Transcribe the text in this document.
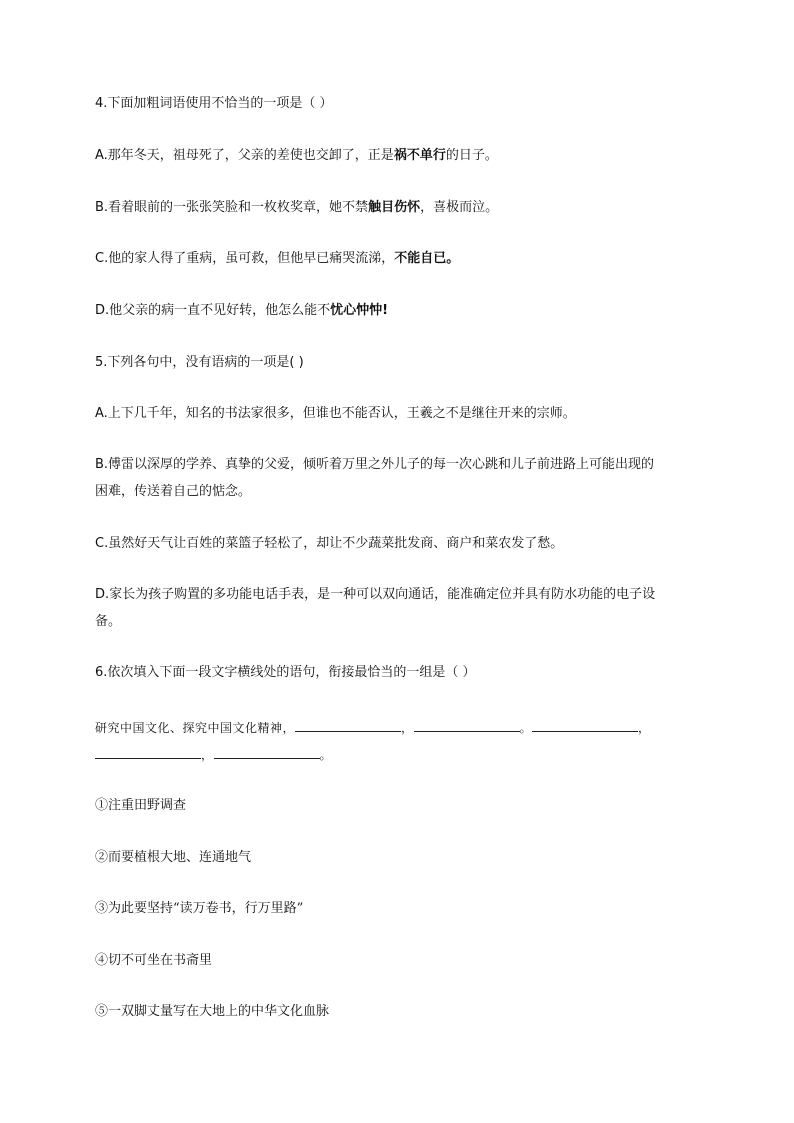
4.下面加粗词语使用不恰当的一项是（ ）

A.那年冬天，祖母死了，父亲的差使也交卸了，正是祸不单行的日子。

B.看着眼前的一张张笑脸和一枚枚奖章，她不禁触目伤怀，喜极而泣。

C.他的家人得了重病，虽可救，但他早已痛哭流涕，不能自已。

D.他父亲的病一直不见好转，他怎么能不忧心忡忡!

5.下列各句中，没有语病的一项是( )

A.上下几千年，知名的书法家很多，但谁也不能否认，王羲之不是继往开来的宗师。

B.傅雷以深厚的学养、真挚的父爱，倾听着万里之外儿子的每一次心跳和儿子前进路上可能出现的

困难，传送着自己的惦念。

C.虽然好天气让百姓的菜篮子轻松了，却让不少蔬菜批发商、商户和菜农发了愁。

D.家长为孩子购置的多功能电话手表，是一种可以双向通话，能准确定位并具有防水功能的电子设

备。

6.依次填入下面一段文字横线处的语句，衔接最恰当的一组是（ ）

研究中国文化、探究中国文化精神，	，	。	，

，	。

①注重田野调查

②而要植根大地、连通地气

③为此要坚持“读万卷书，行万里路”

④切不可坐在书斋里

⑤一双脚丈量写在大地上的中华文化血脉
